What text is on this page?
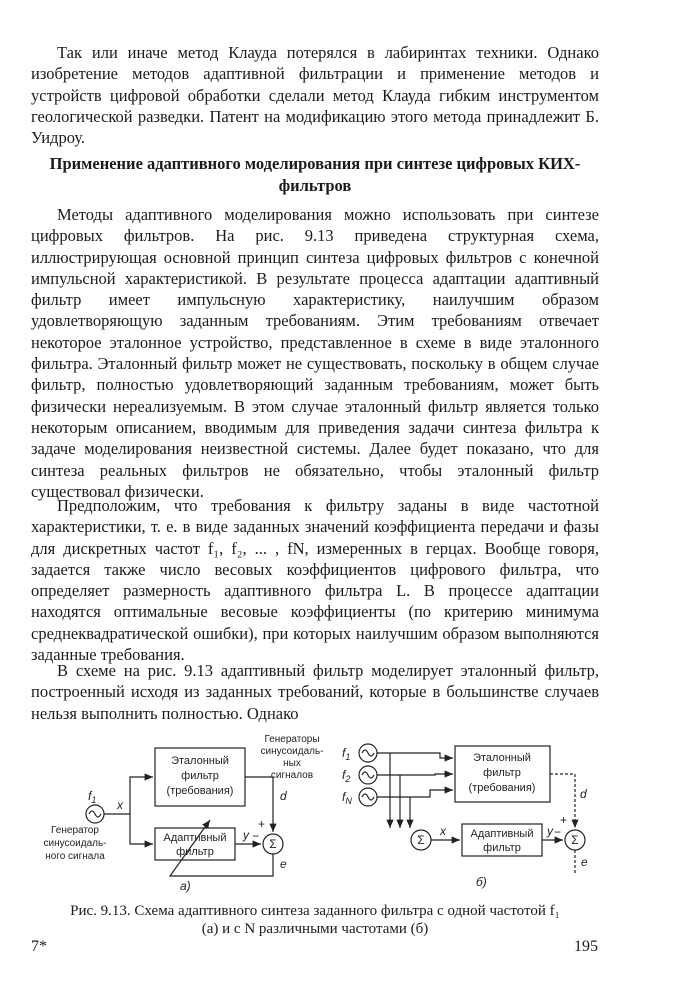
Так или иначе метод Клауда потерялся в лабиринтах техники. Однако изобретение методов адаптивной фильтрации и применение методов и устройств цифровой обработки сделали метод Клауда гибким инструментом геологической разведки. Патент на модификацию этого метода принадлежит Б. Уидроу.

Применение адаптивного моделирования при синтезе цифровых КИХ-фильтров

Методы адаптивного моделирования можно использовать при синтезе цифровых фильтров. На рис. 9.13 приведена структурная схема, иллюстрирующая основной принцип синтеза цифровых фильтров с конечной импульсной характеристикой. В результате процесса адаптации адаптивный фильтр имеет импульсную характеристику, наилучшим образом удовлетворяющую заданным требованиям. Этим требованиям отвечает некоторое эталонное устройство, представленное в схеме в виде эталонного фильтра. Эталонный фильтр может не существовать, поскольку в общем случае фильтр, полностью удовлетворяющий заданным требованиям, может быть физически нереализуемым. В этом случае эталонный фильтр является только некоторым описанием, вводимым для приведения задачи синтеза фильтра к задаче моделирования неизвестной системы. Далее будет показано, что для синтеза реальных фильтров не обязательно, чтобы эталонный фильтр существовал физически.

Предположим, что требования к фильтру заданы в виде частотной характеристики, т. е. в виде заданных значений коэффициента передачи и фазы для дискретных частот f₁, f₂, ... , fN, измеренных в герцах. Вообще говоря, задается также число весовых коэффициентов цифрового фильтра, что определяет размерность адаптивного фильтра L. В процессе адаптации находятся оптимальные весовые коэффициенты (по критерию минимума среднеквадратической ошибки), при которых наилучшим образом выполняются заданные требования.

В схеме на рис. 9.13 адаптивный фильтр моделирует эталонный фильтр, построенный исходя из заданных требований, которые в большинстве случаев нельзя выполнить полностью. Однако

Эталонный
фильтр
(требования)
Адаптивный
фильтр
Генератор
синусоидаль-
ного сигнала
$f_1$ x
d
y
Σ
+
−
e
а)
Генераторы
синусоидаль-
ных
сигналов
$f_1$
$f_2$
$f_N$
Эталонный
фильтр
(требования)
Адаптивный
фильтр
x
Σ
d
y
+
−
Σ
e
б)
Рис. 9.13. Схема адаптивного синтеза заданного фильтра с одной частотой f₁
(а) и с N различными частотами (б)
7*	195
